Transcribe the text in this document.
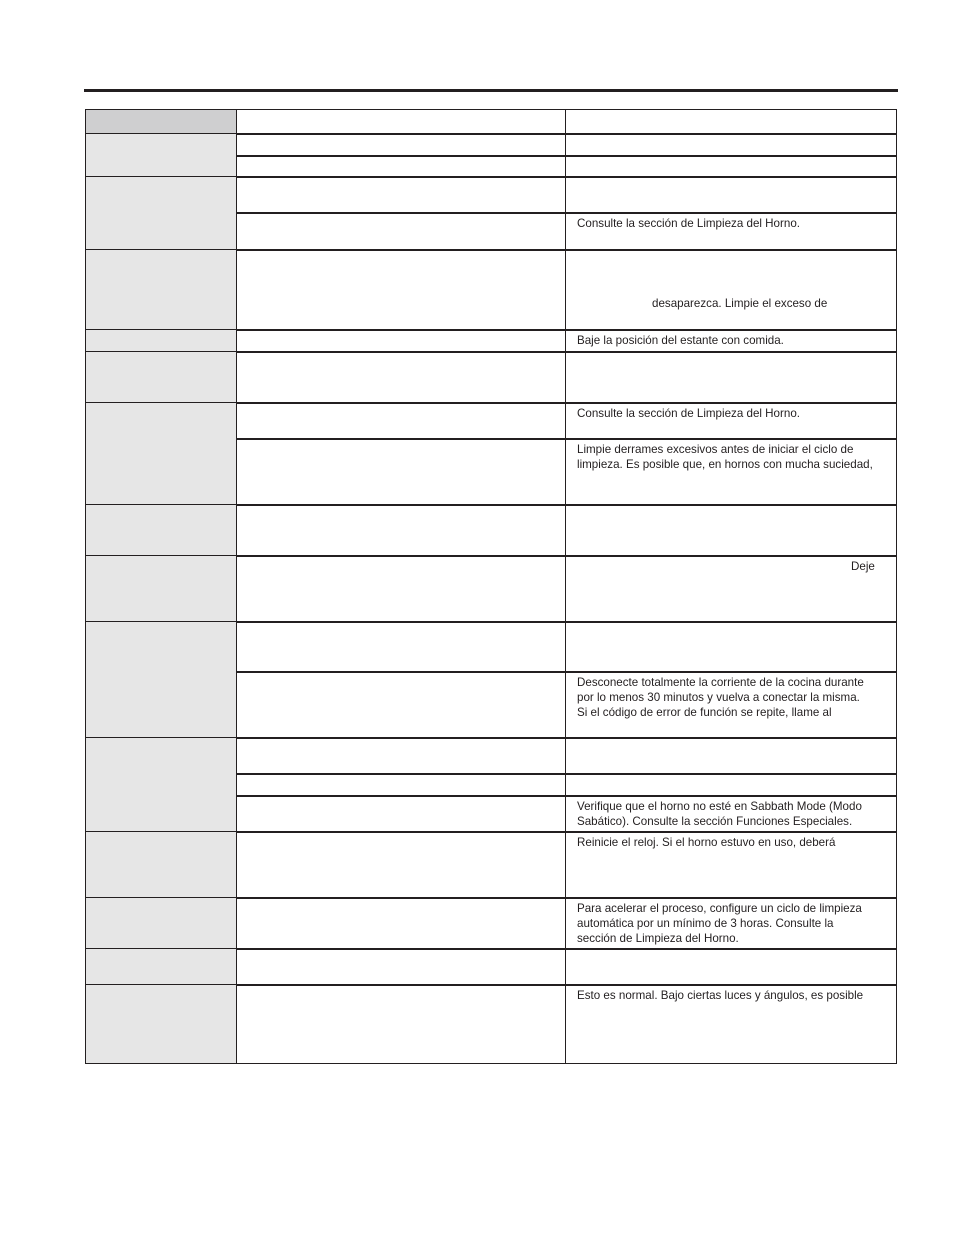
Consulte la sección de Limpieza del Horno.

desaparezca. Limpie el exceso de

Baje la posición del estante con comida.
Consulte la sección de Limpieza del Horno.
Limpie derrames excesivos antes de iniciar el ciclo de
limpieza. Es posible que, en hornos con mucha suciedad,

Deje

Desconecte totalmente la corriente de la cocina durante
por lo menos 30 minutos y vuelva a conectar la misma.
Si el código de error de función se repite, llame al
Verifique que el horno no esté en Sabbath Mode (Modo
Sabático). Consulte la sección Funciones Especiales.
Reinicie el reloj. Si el horno estuvo en uso, deberá
Para acelerar el proceso, configure un ciclo de limpieza
automática por un mínimo de 3 horas. Consulte la
sección de Limpieza del Horno.
Esto es normal. Bajo ciertas luces y ángulos, es posible
